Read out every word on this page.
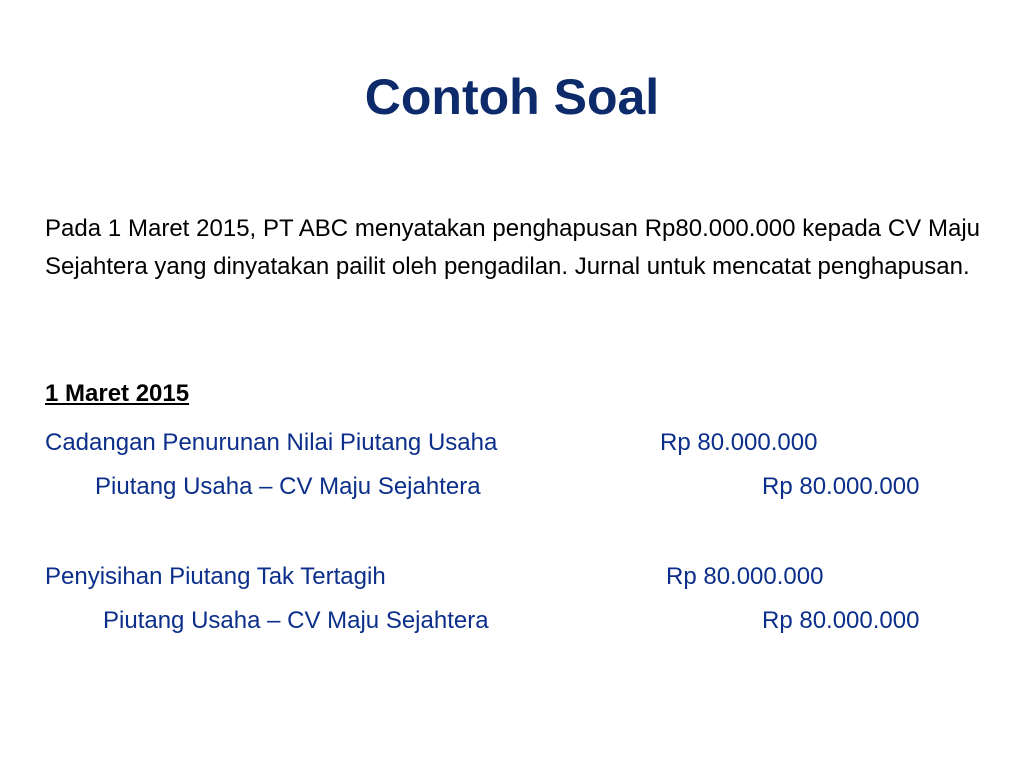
Contoh Soal

Pada 1 Maret 2015, PT ABC menyatakan penghapusan Rp80.000.000 kepada CV Maju Sejahtera yang dinyatakan pailit oleh pengadilan. Jurnal untuk mencatat penghapusan.

1 Maret 2015
Cadangan Penurunan Nilai Piutang Usaha	Rp 80.000.000
Piutang Usaha – CV Maju Sejahtera	Rp 80.000.000
Penyisihan Piutang Tak Tertagih	Rp 80.000.000
Piutang Usaha – CV Maju Sejahtera	Rp 80.000.000
